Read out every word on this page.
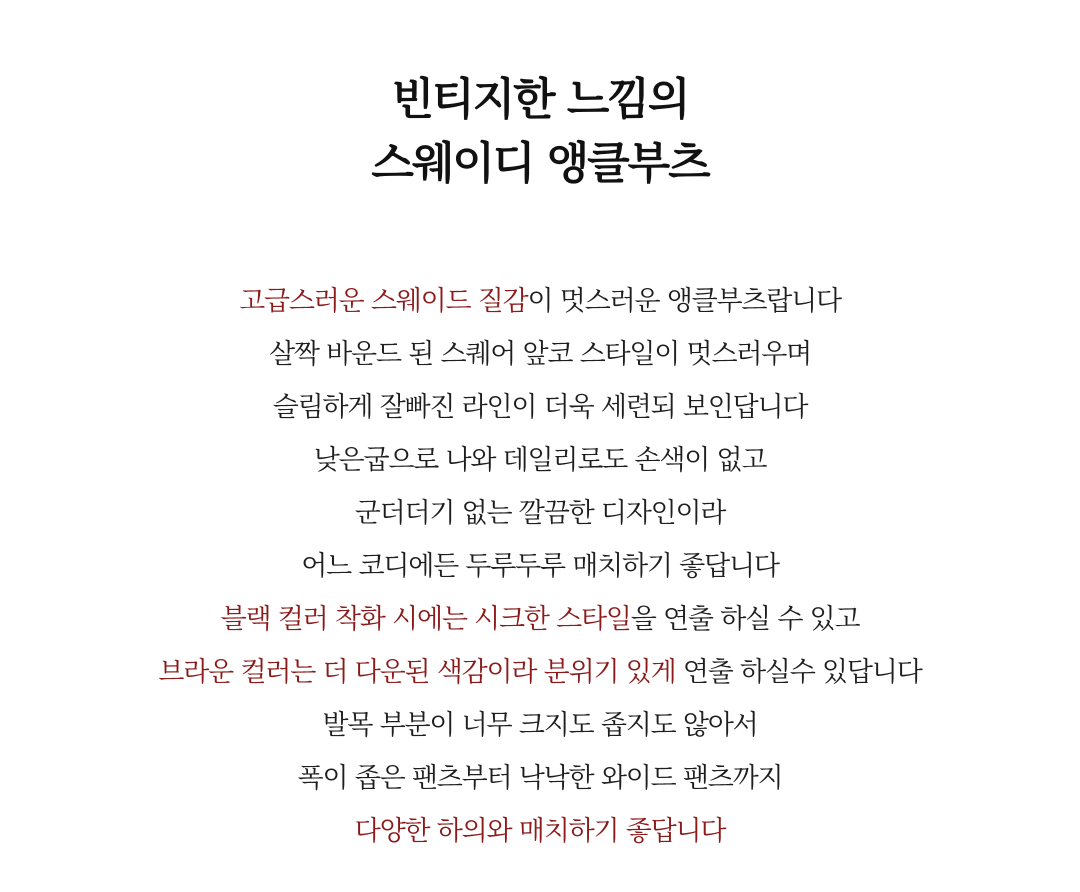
빈티지한 느낌의
스웨이디 앵클부츠
고급스러운 스웨이드 질감이 멋스러운 앵클부츠랍니다
살짝 바운드 된 스퀘어 앞코 스타일이 멋스러우며
슬림하게 잘빠진 라인이 더욱 세련되 보인답니다
낮은굽으로 나와 데일리로도 손색이 없고
군더더기 없는 깔끔한 디자인이라
어느 코디에든 두루두루 매치하기 좋답니다
블랙 컬러 착화 시에는 시크한 스타일을 연출 하실 수 있고
브라운 컬러는 더 다운된 색감이라 분위기 있게 연출 하실수 있답니다
발목 부분이 너무 크지도 좁지도 않아서
폭이 좁은 팬츠부터 낙낙한 와이드 팬츠까지
다양한 하의와 매치하기 좋답니다
